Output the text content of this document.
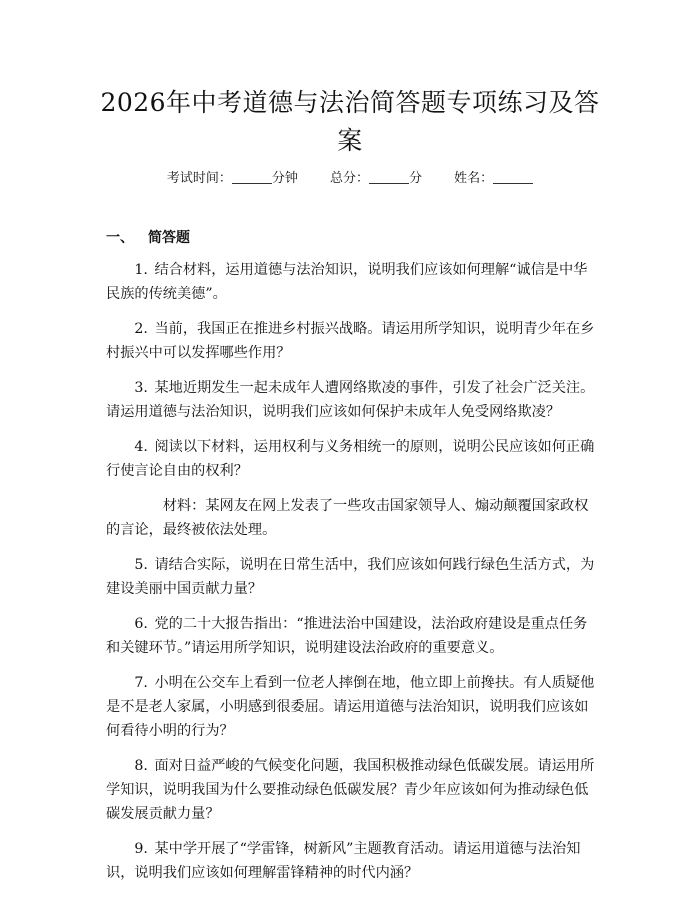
2026年中考道德与法治简答题专项练习及答案
考试时间：	分钟 总分：	分 姓名：
一、 简答题

1. 结合材料，运用道德与法治知识，说明我们应该如何理解“诚信是中华民族的传统美德”。

2. 当前，我国正在推进乡村振兴战略。请运用所学知识，说明青少年在乡村振兴中可以发挥哪些作用？

3. 某地近期发生一起未成年人遭网络欺凌的事件，引发了社会广泛关注。请运用道德与法治知识，说明我们应该如何保护未成年人免受网络欺凌？

4. 阅读以下材料，运用权利与义务相统一的原则，说明公民应该如何正确行使言论自由的权利？

材料：某网友在网上发表了一些攻击国家领导人、煽动颠覆国家政权的言论，最终被依法处理。

5. 请结合实际，说明在日常生活中，我们应该如何践行绿色生活方式，为建设美丽中国贡献力量？

6. 党的二十大报告指出：“推进法治中国建设，法治政府建设是重点任务和关键环节。”请运用所学知识，说明建设法治政府的重要意义。

7. 小明在公交车上看到一位老人摔倒在地，他立即上前搀扶。有人质疑他是不是老人家属，小明感到很委屈。请运用道德与法治知识，说明我们应该如何看待小明的行为？

8. 面对日益严峻的气候变化问题，我国积极推动绿色低碳发展。请运用所学知识，说明我国为什么要推动绿色低碳发展？青少年应该如何为推动绿色低碳发展贡献力量？

9. 某中学开展了“学雷锋，树新风”主题教育活动。请运用道德与法治知识，说明我们应该如何理解雷锋精神的时代内涵？
